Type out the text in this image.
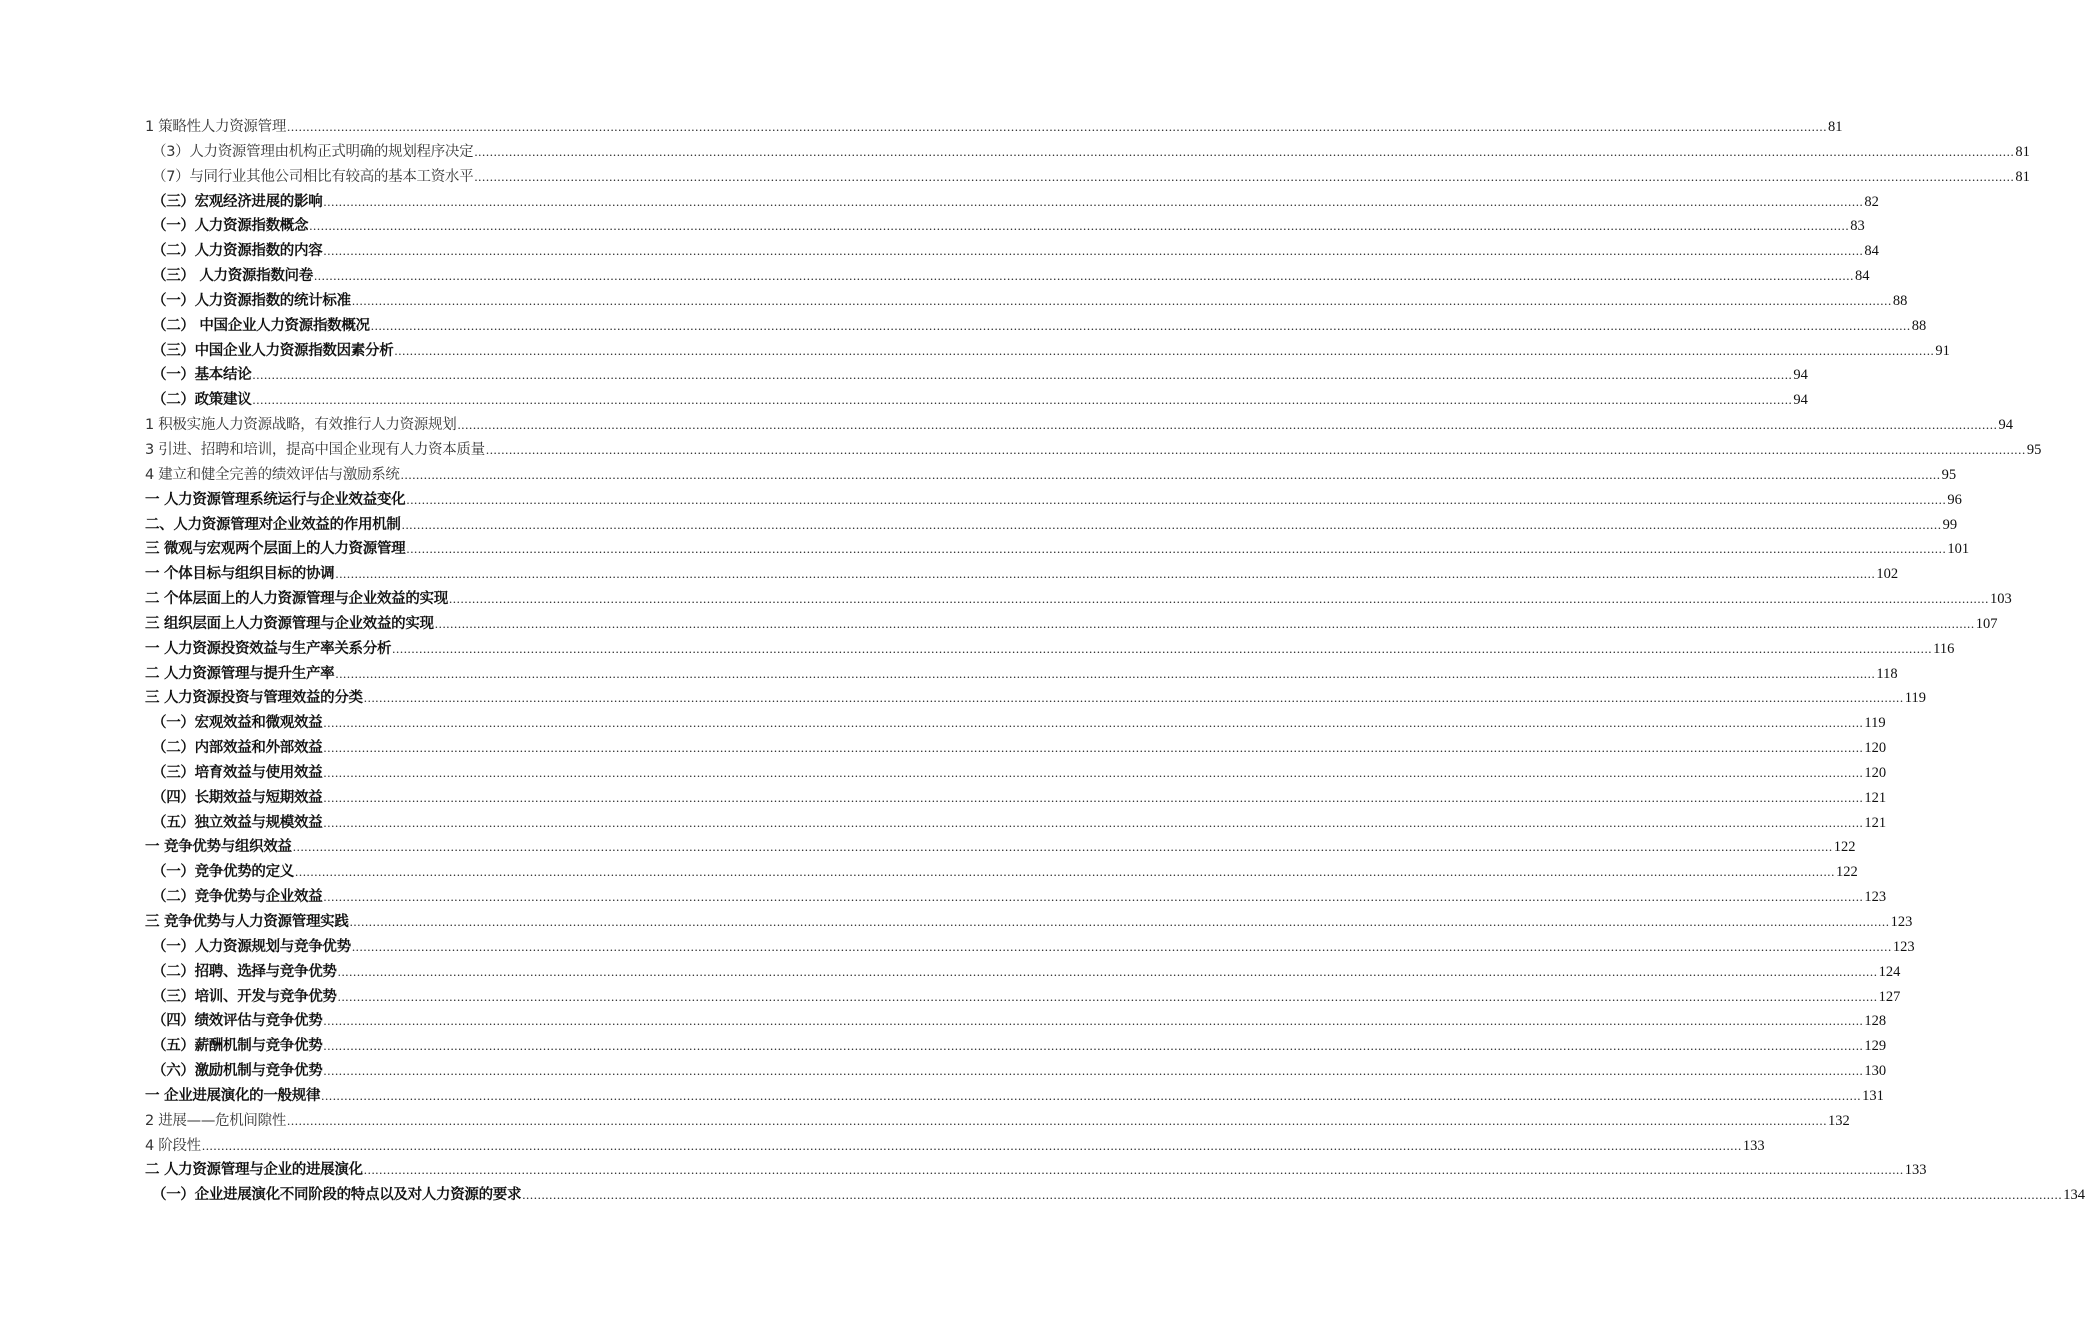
1 策略性人力资源管理 ................................................................................................................................................................................................................................................................................................................................................................................................................ 81
（3）人力资源管理由机构正式明确的规划程序决定 ................................................................................................................................................................................................................................................................................................................................................................................................................ 81
（7）与同行业其他公司相比有较高的基本工资水平 ................................................................................................................................................................................................................................................................................................................................................................................................................ 81
（三）宏观经济进展的影响 ................................................................................................................................................................................................................................................................................................................................................................................................................ 82
（一）人力资源指数概念 ................................................................................................................................................................................................................................................................................................................................................................................................................ 83
（二）人力资源指数的内容 ................................................................................................................................................................................................................................................................................................................................................................................................................ 84
（三） 人力资源指数问卷 ................................................................................................................................................................................................................................................................................................................................................................................................................ 84
（一）人力资源指数的统计标准 ................................................................................................................................................................................................................................................................................................................................................................................................................ 88
（二） 中国企业人力资源指数概况 ................................................................................................................................................................................................................................................................................................................................................................................................................ 88
（三）中国企业人力资源指数因素分析 ................................................................................................................................................................................................................................................................................................................................................................................................................ 91
（一）基本结论 ................................................................................................................................................................................................................................................................................................................................................................................................................ 94
（二）政策建议 ................................................................................................................................................................................................................................................................................................................................................................................................................ 94
1 积极实施人力资源战略，有效推行人力资源规划 ................................................................................................................................................................................................................................................................................................................................................................................................................ 94
3 引进、招聘和培训，提高中国企业现有人力资本质量 ................................................................................................................................................................................................................................................................................................................................................................................................................ 95
4 建立和健全完善的绩效评估与激励系统 ................................................................................................................................................................................................................................................................................................................................................................................................................ 95
一 人力资源管理系统运行与企业效益变化 ................................................................................................................................................................................................................................................................................................................................................................................................................ 96
二、人力资源管理对企业效益的作用机制 ................................................................................................................................................................................................................................................................................................................................................................................................................ 99
三 微观与宏观两个层面上的人力资源管理 ................................................................................................................................................................................................................................................................................................................................................................................................................ 101
一 个体目标与组织目标的协调 ................................................................................................................................................................................................................................................................................................................................................................................................................ 102
二 个体层面上的人力资源管理与企业效益的实现 ................................................................................................................................................................................................................................................................................................................................................................................................................ 103
三 组织层面上人力资源管理与企业效益的实现 ................................................................................................................................................................................................................................................................................................................................................................................................................ 107
一 人力资源投资效益与生产率关系分析 ................................................................................................................................................................................................................................................................................................................................................................................................................ 116
二 人力资源管理与提升生产率 ................................................................................................................................................................................................................................................................................................................................................................................................................ 118
三 人力资源投资与管理效益的分类 ................................................................................................................................................................................................................................................................................................................................................................................................................ 119
（一）宏观效益和微观效益 ................................................................................................................................................................................................................................................................................................................................................................................................................ 119
（二）内部效益和外部效益 ................................................................................................................................................................................................................................................................................................................................................................................................................ 120
（三）培育效益与使用效益 ................................................................................................................................................................................................................................................................................................................................................................................................................ 120
（四）长期效益与短期效益 ................................................................................................................................................................................................................................................................................................................................................................................................................ 121
（五）独立效益与规模效益 ................................................................................................................................................................................................................................................................................................................................................................................................................ 121
一 竞争优势与组织效益 ................................................................................................................................................................................................................................................................................................................................................................................................................ 122
（一）竞争优势的定义 ................................................................................................................................................................................................................................................................................................................................................................................................................ 122
（二）竞争优势与企业效益 ................................................................................................................................................................................................................................................................................................................................................................................................................ 123
三 竞争优势与人力资源管理实践 ................................................................................................................................................................................................................................................................................................................................................................................................................ 123
（一）人力资源规划与竞争优势 ................................................................................................................................................................................................................................................................................................................................................................................................................ 123
（二）招聘、选择与竞争优势 ................................................................................................................................................................................................................................................................................................................................................................................................................ 124
（三）培训、开发与竞争优势 ................................................................................................................................................................................................................................................................................................................................................................................................................ 127
（四）绩效评估与竞争优势 ................................................................................................................................................................................................................................................................................................................................................................................................................ 128
（五）薪酬机制与竞争优势 ................................................................................................................................................................................................................................................................................................................................................................................................................ 129
（六）激励机制与竞争优势 ................................................................................................................................................................................................................................................................................................................................................................................................................ 130
一 企业进展演化的一般规律 ................................................................................................................................................................................................................................................................................................................................................................................................................ 131
2 进展——危机间隙性 ................................................................................................................................................................................................................................................................................................................................................................................................................ 132
4 阶段性 ................................................................................................................................................................................................................................................................................................................................................................................................................ 133
二 人力资源管理与企业的进展演化 ................................................................................................................................................................................................................................................................................................................................................................................................................ 133
（一）企业进展演化不同阶段的特点以及对人力资源的要求 ................................................................................................................................................................................................................................................................................................................................................................................................................ 134
